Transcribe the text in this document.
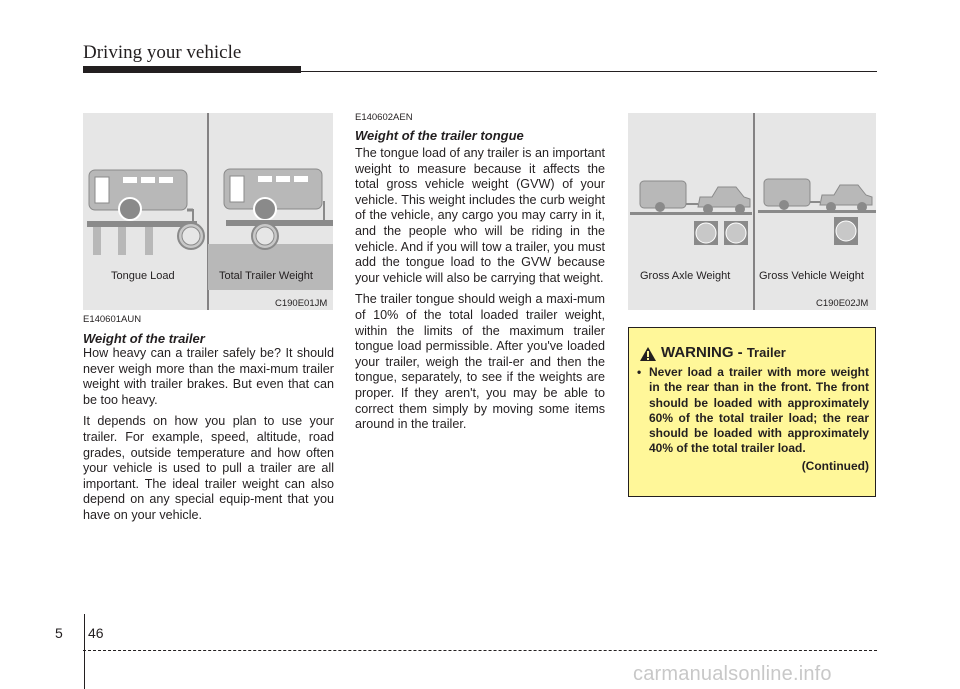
Driving your vehicle
Tongue Load	Total Trailer Weight
C190E01JM
Gross Axle Weight	Gross Vehicle Weight
C190E02JM

E140601AUN

Weight of the trailer

How heavy can a trailer safely be? It should never weigh more than the maxi-mum trailer weight with trailer brakes. But even that can be too heavy.

It depends on how you plan to use your trailer. For example, speed, altitude, road grades, outside temperature and how often your vehicle is used to pull a trailer are all important. The ideal trailer weight can also depend on any special equip-ment that you have on your vehicle.

E140602AEN

Weight of the trailer tongue

The tongue load of any trailer is an important weight to measure because it affects the total gross vehicle weight (GVW) of your vehicle. This weight includes the curb weight of the vehicle, any cargo you may carry in it, and the people who will be riding in the vehicle. And if you will tow a trailer, you must add the tongue load to the GVW because your vehicle will also be carrying that weight.

The trailer tongue should weigh a maxi-mum of 10% of the total loaded trailer weight, within the limits of the maximum trailer tongue load permissible. After you've loaded your trailer, weigh the trail-er and then the tongue, separately, to see if the weights are proper. If they aren't, you may be able to correct them simply by moving some items around in the trailer.

WARNING - Trailer
• Never load a trailer with more weight in the rear than in the front. The front should be loaded with approximately 60% of the total trailer load; the rear should be loaded with approximately 40% of the total trailer load.
(Continued)
5 46
carmanualsonline.info
